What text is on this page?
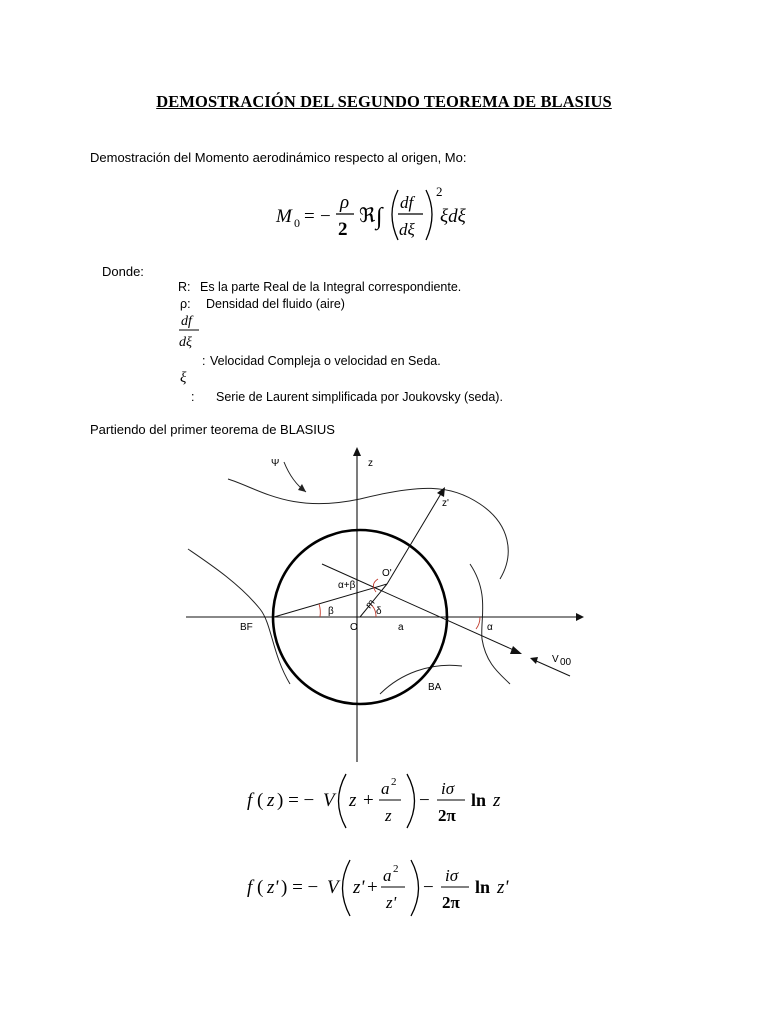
DEMOSTRACIÓN DEL SEGUNDO TEOREMA DE BLASIUS
Demostración del Momento aerodinámico respecto al origen, Mo:
M 0 = −
ρ
2
ℜ ∫
df
dξ
2
ξdξ
Donde:
R: Es la parte Real de la Integral correspondiente.
ρ: Densidad del fluido (aire)
df
dξ
: Velocidad Compleja o velocidad en Seda.
ξ
: Serie de Laurent simplificada por Joukovsky (seda).
Partiendo del primer teorema de BLASIUS
Ψ	z
z'
V 00
O'
α+β
β
m
δ
O	a	α
BF
BA
f ( z ) = − V z +
a 2
z
−
iσ
2π
ln z
f ( z' ) = − V z' +
a 2
z'
−
iσ
2π
ln z'
